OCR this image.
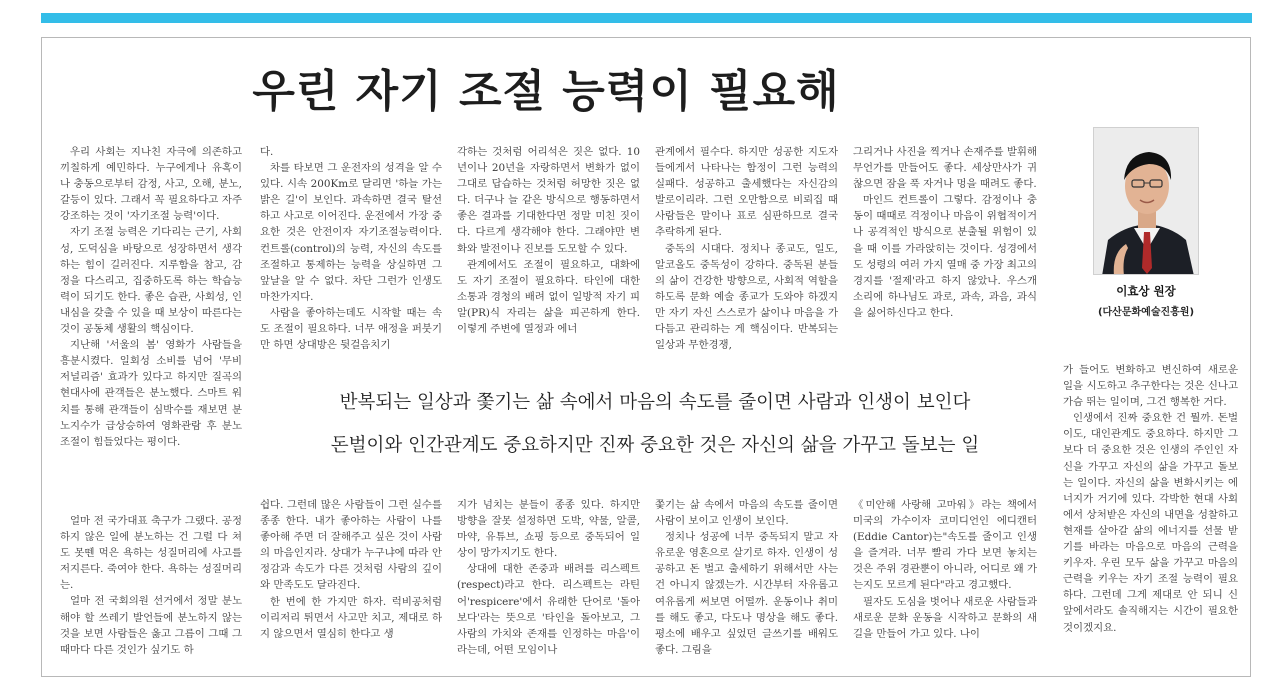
우린 자기 조절 능력이 필요해

우리 사회는 지나친 자극에 의존하고 끼칠하게 예민하다. 누구에게나 유혹이나 충동으로부터 감정, 사고, 오해, 분노, 갈등이 있다. 그래서 꼭 필요하다고 자주 강조하는 것이 '자기조절 능력'이다.

자기 조절 능력은 기다리는 근기, 사회성, 도덕심을 바탕으로 성장하면서 생각하는 힘이 길러진다. 지루함을 참고, 감정을 다스리고, 집중하도록 하는 학습능력이 되기도 한다. 좋은 습관, 사회성, 인내심을 갖출 수 있을 때 보상이 따른다는 것이 공동체 생활의 핵심이다.

지난해 '서울의 봄' 영화가 사람들을 흥분시켰다. 일회성 소비를 넘어 '무비 저널리즘' 효과가 있다고 하지만 질곡의 현대사에 관객들은 분노했다. 스마트 워치를 통해 관객들이 심박수를 재보면 분노지수가 급상승하여 영화관람 후 분노 조절이 힘들었다는 평이다.

다.

차를 타보면 그 운전자의 성격을 알 수 있다. 시속 200Km로 달리면 '하늘 가는 밝은 길'이 보인다. 과속하면 결국 탈선하고 사고로 이어진다. 운전에서 가장 중요한 것은 안전이자 자기조절능력이다. 컨트롤(control)의 능력, 자신의 속도를 조절하고 통제하는 능력을 상실하면 그 앞날을 알 수 없다. 차단 그런가 인생도 마찬가지다.

사람을 좋아하는데도 시작할 때는 속도 조절이 필요하다. 너무 애정을 퍼붓기만 하면 상대방은 뒷걸음치기

각하는 것처럼 어리석은 짓은 없다. 10년이나 20년을 자랑하면서 변화가 없이 그대로 답습하는 것처럼 허망한 짓은 없다. 더구나 늘 같은 방식으로 행동하면서 좋은 결과를 기대한다면 정말 미친 짓이다. 다르게 생각해야 한다. 그래야만 변화와 발전이나 진보를 도모할 수 있다.

관계에서도 조절이 필요하고, 대화에도 자기 조절이 필요하다. 타인에 대한 소통과 경청의 배려 없이 일방적 자기 피알(PR)식 자리는 삶을 피곤하게 한다. 이렇게 주변에 열정과 에너

관계에서 필수다. 하지만 성공한 지도자들에게서 나타나는 함정이 그런 능력의 실패다. 성공하고 출세했다는 자신감의 발로이리라. 그런 오만함으로 비뢰집 때 사람들은 말이나 표로 심판하므로 결국 추락하게 된다.

중독의 시대다. 정치나 종교도, 일도, 알코올도 중독성이 강하다. 중독된 분들의 삶이 건강한 방향으로, 사회적 역할을 하도록 문화 예술 종교가 도와야 하겠지만 자기 자신 스스로가 삶이나 마음을 가다듬고 관리하는 게 핵심이다. 반복되는 일상과 무한경쟁,

그리거나 사진을 찍거나 손재주를 발휘해 무언가를 만들어도 좋다. 세상만사가 귀찮으면 잠을 푹 자거나 멍을 때려도 좋다.

마인드 컨트롤이 그렇다. 감정이나 충동이 때때로 걱정이나 마음이 위협적이거나 공격적인 방식으로 분출될 위험이 있을 때 이를 가라앉히는 것이다. 성경에서도 성령의 여러 가지 열매 중 가장 최고의 경지를 '절제'라고 하지 않았나. 우스개 소리에 하나님도 과로, 과속, 과음, 과식을 싫어하신다고 한다.

반복되는 일상과 쫓기는 삶 속에서 마음의 속도를 줄이면 사람과 인생이 보인다
돈벌이와 인간관계도 중요하지만 진짜 중요한 것은 자신의 삶을 가꾸고 돌보는 일

얼마 전 국가대표 축구가 그랬다. 공정하지 않은 일에 분노하는 건 그럴 다 쳐도 못뗀 먹은 욕하는 성질머리에 사고를 저지른다. 죽여야 한다. 욕하는 성질머리는.

얼마 전 국회의원 선거에서 정말 분노해야 할 쓰레기 발언들에 분노하지 않는 것을 보면 사람들은 옳고 그름이 그때 그때마다 다른 것인가 싶기도 하

쉽다. 그런데 많은 사람들이 그런 실수를 종종 한다. 내가 좋아하는 사람이 나를 좋아해 주면 더 잘해주고 싶은 것이 사람의 마음인지라. 상대가 누구냐에 따라 안정감과 속도가 다른 것처럼 사람의 깊이와 만족도도 달라진다.

한 번에 한 가지만 하자. 럭비공처럼 이리저리 튀면서 사고만 치고, 제대로 하지 않으면서 열심히 한다고 생

지가 넘치는 분들이 종종 있다. 하지만 방향을 잘못 설정하면 도박, 약물, 알콜, 마약, 유튜브, 쇼핑 등으로 중독되어 일상이 망가지기도 한다.

상대에 대한 존중과 배려를 리스펙트(respect)라고 한다. 리스펙트는 라틴어'respicere'에서 유래한 단어로 '돌아보다'라는 뜻으로 '타인을 돌아보고, 그 사람의 가치와 존재를 인정하는 마음'이라는데, 어떤 모임이나

쫓기는 삶 속에서 마음의 속도를 줄이면 사람이 보이고 인생이 보인다.

정치나 성공에 너무 중독되지 말고 자유로운 영혼으로 살기로 하자. 인생이 성공하고 돈 벌고 출세하기 위해서만 사는 건 아니지 않겠는가. 시간부터 자유롭고 여유롭게 써보면 어떨까. 운동이나 취미를 해도 좋고, 다도나 명상을 해도 좋다. 평소에 배우고 싶었던 글쓰기를 배워도 좋다. 그림을

《미안해 사랑해 고마워》라는 책에서 미국의 가수이자 코미디언인 에디캔터(Eddie Cantor)는"속도를 줄이고 인생을 즐겨라. 너무 빨리 가다 보면 놓치는 것은 주위 경관뿐이 아니라, 어디로 왜 가는지도 모르게 된다"라고 경고했다.

필자도 도심을 벗어나 새로운 사람들과 새로운 문화 운동을 시작하고 문화의 새 길을 만들어 가고 있다. 나이

이효상 원장
(다산문화예술진흥원)

가 들어도 변화하고 변신하여 새로운 일을 시도하고 추구한다는 것은 신나고 가슴 뛰는 일이며, 그건 행복한 거다.

인생에서 진짜 중요한 건 뭘까. 돈벌이도, 대인관계도 중요하다. 하지만 그보다 더 중요한 것은 인생의 주인인 자신을 가꾸고 자신의 삶을 가꾸고 돌보는 일이다. 자신의 삶을 변화시키는 에너지가 거기에 있다. 각박한 현대 사회에서 상처받은 자신의 내면을 성찰하고 현재를 살아갈 삶의 에너지를 선물 받기를 바라는 마음으로 마음의 근력을 키우자. 우린 모두 삶을 가꾸고 마음의 근력을 키우는 자기 조절 능력이 필요하다. 그런데 그게 제대로 안 되니 신 앞에서라도 솔직해지는 시간이 필요한 것이겠지요.
